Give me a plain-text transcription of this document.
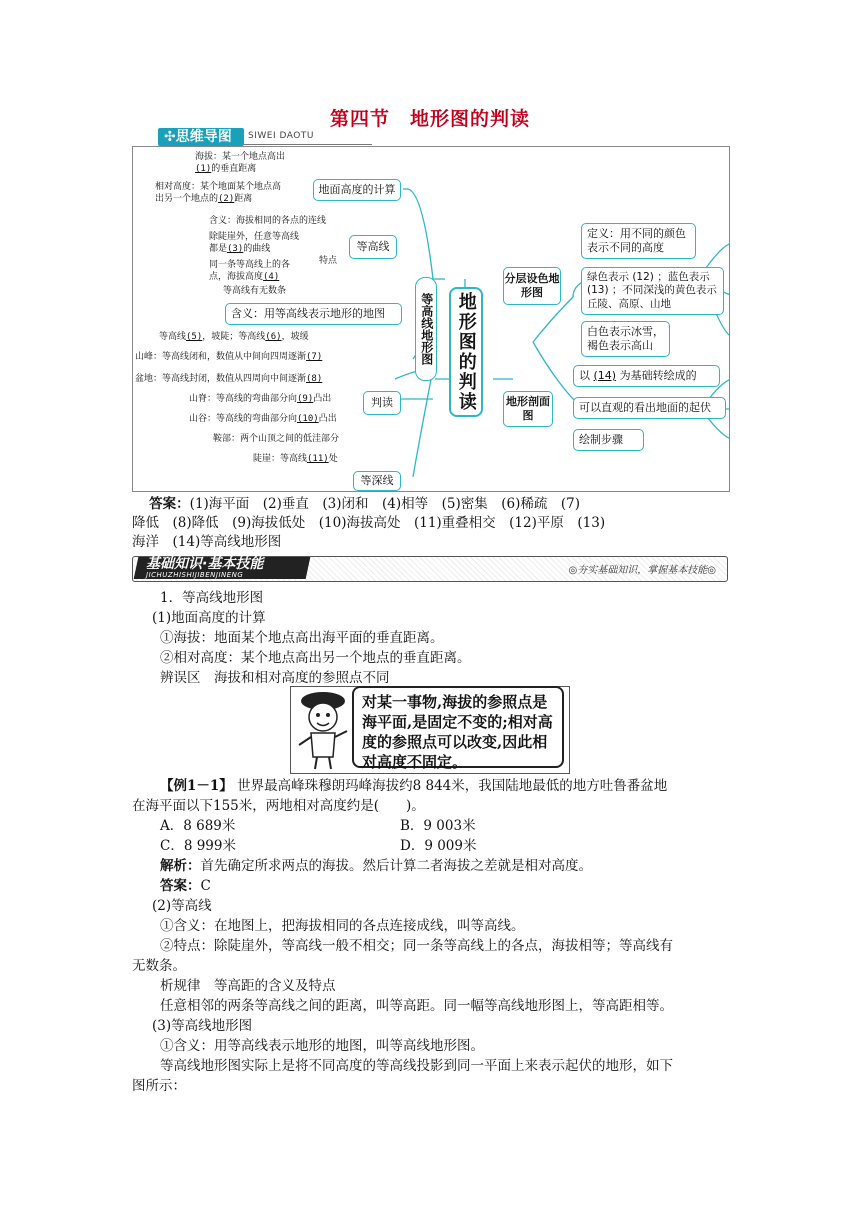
第四节　地形图的判读
✣思维导图 SIWEI DAOTU
海拔：某一个地点高出
(1)的垂直距离
相对高度：某个地面某个地点高
出另一个地点的(2)距离
地面高度的计算
含义：海拔相同的各点的连线
除陡崖外，任意等高线
都是(3)的曲线
同一条等高线上的各
点，海拔高度(4)
等高线有无数条
特点
等高线
含义：用等高线表示地形的地图
等高线(5)，坡陡；等高线(6)，坡缓
山峰：等高线闭和，数值从中间向四周逐渐(7)
盆地：等高线封闭，数值从四周向中间逐渐(8)
山脊：等高线的弯曲部分向(9)凸出
山谷：等高线的弯曲部分向(10)凸出
鞍部：两个山顶之间的低洼部分
陡崖：等高线(11)处
判读
等深线
等高线地形图	地形图的判读
分层设色地形图
地形剖面图
定义：用不同的颜色表示不同的高度
绿色表示 (12) ；蓝色表示 (13) ；不同深浅的黄色表示丘陵、高原、山地
白色表示冰雪，褐色表示高山
以
(14)
为基础转绘成的
可以直观的看出地面的起伏
绘制步骤
答案：(1)海平面　(2)垂直　(3)闭和　(4)相等　(5)密集　(6)稀疏　(7)
降低　(8)降低　(9)海拔低处　(10)海拔高处　(11)重叠相交　(12)平原　(13)
海洋　(14)等高线地形图
基础知识·基本技能
JICHUZHISHIJIBENJINENG	◎夯实基础知识，掌握基本技能◎
1．等高线地形图
(1)地面高度的计算
①海拔：地面某个地点高出海平面的垂直距离。
②相对高度：某个地点高出另一个地点的垂直距离。
辨误区　海拔和相对高度的参照点不同
对某一事物,海拔的参照点是海平面,是固定不变的;相对高度的参照点可以改变,因此相对高度不固定。
【例1－1】 世界最高峰珠穆朗玛峰海拔约8 844米，我国陆地最低的地方吐鲁番盆地
在海平面以下155米，两地相对高度约是(　　)。
A．8 689米	B．9 003米
C．8 999米	D．9 009米
解析：首先确定所求两点的海拔。然后计算二者海拔之差就是相对高度。
答案：C
(2)等高线
①含义：在地图上，把海拔相同的各点连接成线，叫等高线。
②特点：除陡崖外，等高线一般不相交；同一条等高线上的各点，海拔相等；等高线有
无数条。
析规律　等高距的含义及特点
任意相邻的两条等高线之间的距离，叫等高距。同一幅等高线地形图上，等高距相等。
(3)等高线地形图
①含义：用等高线表示地形的地图，叫等高线地形图。
等高线地形图实际上是将不同高度的等高线投影到同一平面上来表示起伏的地形，如下
图所示：
